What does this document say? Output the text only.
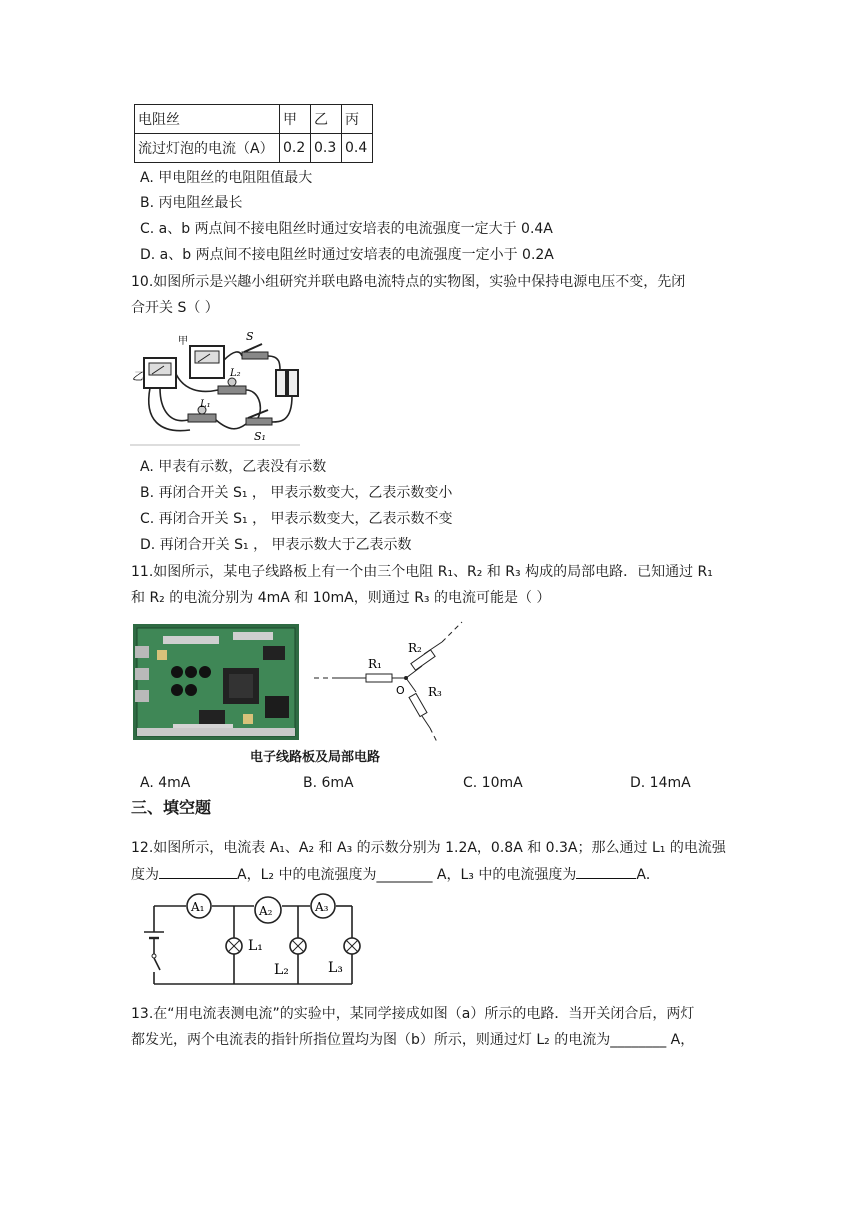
电阻丝	甲	乙	丙
流过灯泡的电流（A）	0.2	0.3	0.4
A. 甲电阻丝的电阻阻值最大
B. 丙电阻丝最长
C. a、b 两点间不接电阻丝时通过安培表的电流强度一定大于 0.4A
D. a、b 两点间不接电阻丝时通过安培表的电流强度一定小于 0.2A
10.如图所示是兴趣小组研究并联电路电流特点的实物图，实验中保持电源电压不变，先闭
合开关 S（ ）
甲
乙
S
L₂
L₁
S₁
A. 甲表有示数，乙表没有示数
B. 再闭合开关 S₁ ， 甲表示数变大，乙表示数变小
C. 再闭合开关 S₁ ， 甲表示数变大，乙表示数不变
D. 再闭合开关 S₁ ， 甲表示数大于乙表示数
11.如图所示，某电子线路板上有一个由三个电阻 R₁、R₂ 和 R₃ 构成的局部电路．已知通过 R₁
和 R₂ 的电流分别为 4mA 和 10mA，则通过 R₃ 的电流可能是（ ）
R₁
R₂
R₃
O
电子线路板及局部电路
A. 4mA	B. 6mA	C. 10mA	D. 14mA
三、填空题
12.如图所示，电流表 A₁、A₂ 和 A₃ 的示数分别为 1.2A，0.8A 和 0.3A；那么通过 L₁ 的电流强
度为	A，L₂ 中的电流强度为________ A，L₃ 中的电流强度为	A．
A₁	A₂	A₃
L₁
L₂	L₃
13.在“用电流表测电流”的实验中，某同学接成如图（a）所示的电路．当开关闭合后，两灯
都发光，两个电流表的指针所指位置均为图（b）所示，则通过灯 L₂ 的电流为________ A，
